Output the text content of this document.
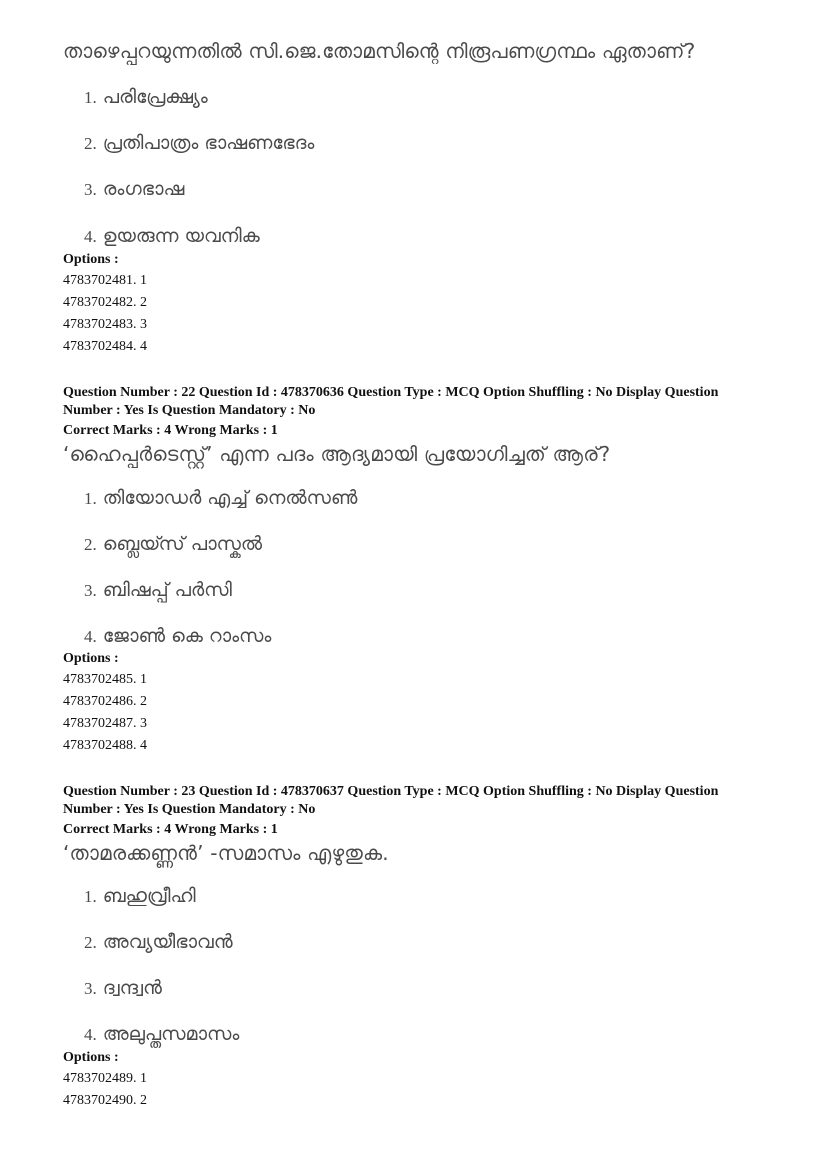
താഴെപ്പറയുന്നതിൽ സി.ജെ.തോമസിന്റെ നിരൂപണഗ്രന്ഥം ഏതാണ്?
1. പരിപ്രേക്ഷ്യം
2. പ്രതിപാത്രം ഭാഷണഭേദം
3. രംഗഭാഷ
4. ഉയരുന്ന യവനിക
Options :
4783702481. 1
4783702482. 2
4783702483. 3
4783702484. 4
Question Number : 22 Question Id : 478370636 Question Type : MCQ Option Shuffling : No Display Question
Number : Yes Is Question Mandatory : No
Correct Marks : 4 Wrong Marks : 1
‘ഹൈപ്പർടെസ്റ്റ്’ എന്ന പദം ആദ്യമായി പ്രയോഗിച്ചത് ആര്?
1. തിയോഡർ എച്ച് നെൽസൺ
2. ബ്ലെയ്സ് പാസ്കൽ
3. ബിഷപ്പ് പർസി
4. ജോൺ കെ റാംസം
Options :
4783702485. 1
4783702486. 2
4783702487. 3
4783702488. 4
Question Number : 23 Question Id : 478370637 Question Type : MCQ Option Shuffling : No Display Question
Number : Yes Is Question Mandatory : No
Correct Marks : 4 Wrong Marks : 1
‘താമരക്കണ്ണൻ’ -സമാസം എഴുതുക.
1. ബഹുവ്രീഹി
2. അവ്യയീഭാവൻ
3. ദ്വന്ദ്വൻ
4. അലുപ്തസമാസം
Options :
4783702489. 1
4783702490. 2
